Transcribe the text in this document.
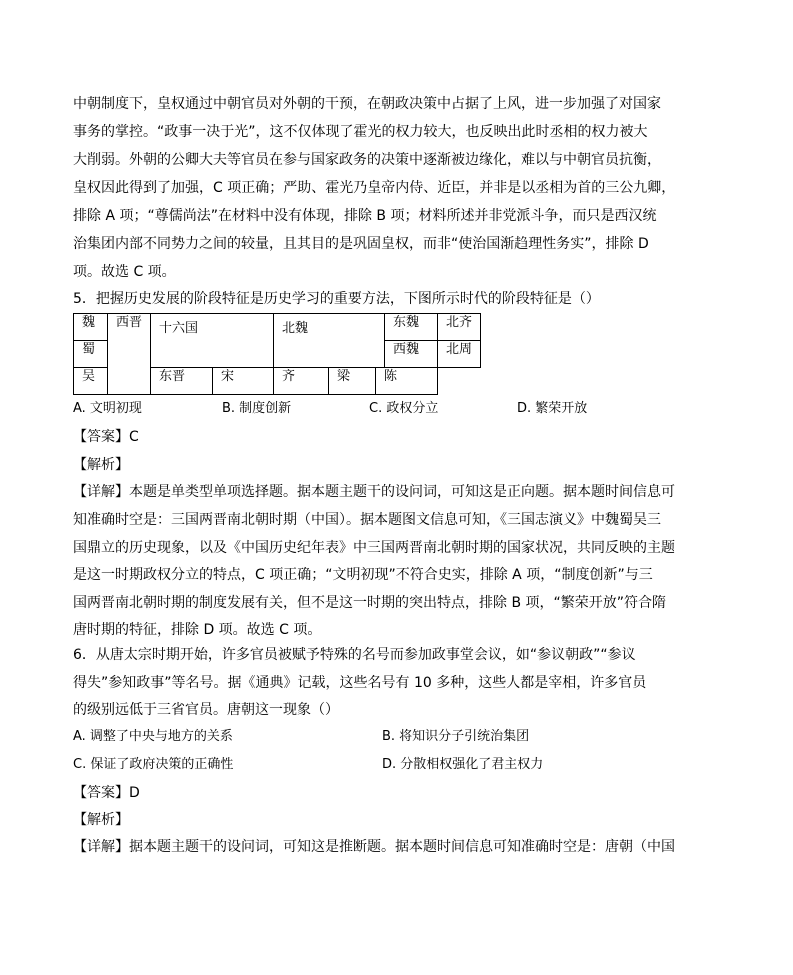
中朝制度下，皇权通过中朝官员对外朝的干预，在朝政决策中占据了上风，进一步加强了对国家
事务的掌控。“政事一决于光”，这不仅体现了霍光的权力较大，也反映出此时丞相的权力被大
大削弱。外朝的公卿大夫等官员在参与国家政务的决策中逐渐被边缘化，难以与中朝官员抗衡，
皇权因此得到了加强，C 项正确；严助、霍光乃皇帝内侍、近臣，并非是以丞相为首的三公九卿，
排除 A 项；“尊儒尚法”在材料中没有体现，排除 B 项；材料所述并非党派斗争，而只是西汉统
治集团内部不同势力之间的较量，且其目的是巩固皇权，而非“使治国渐趋理性务实”，排除 D
项。故选 C 项。
5．把握历史发展的阶段特征是历史学习的重要方法，下图所示时代的阶段特征是（）
魏	西晋	十六国		北魏			东魏	北齐
蜀							西魏	北周
吴		东晋	宋	齐	梁	陈		
A. 文明初现	B. 制度创新	C. 政权分立	D. 繁荣开放
【答案】C
【解析】
【详解】本题是单类型单项选择题。据本题主题干的设问词，可知这是正向题。据本题时间信息可
知准确时空是：三国两晋南北朝时期（中国）。据本题图文信息可知，《三国志演义》中魏蜀吴三
国鼎立的历史现象，以及《中国历史纪年表》中三国两晋南北朝时期的国家状况，共同反映的主题
是这一时期政权分立的特点，C 项正确；“文明初现”不符合史实，排除 A 项，“制度创新”与三
国两晋南北朝时期的制度发展有关，但不是这一时期的突出特点，排除 B 项，“繁荣开放”符合隋
唐时期的特征，排除 D 项。故选 C 项。
6．从唐太宗时期开始，许多官员被赋予特殊的名号而参加政事堂会议，如“参议朝政”“参议
得失”参知政事”等名号。据《通典》记载，这些名号有 10 多种，这些人都是宰相，许多官员
的级别远低于三省官员。唐朝这一现象（）
A. 调整了中央与地方的关系	B. 将知识分子引统治集团
C. 保证了政府决策的正确性	D. 分散相权强化了君主权力
【答案】D
【解析】
【详解】据本题主题干的设问词，可知这是推断题。据本题时间信息可知准确时空是：唐朝（中国
